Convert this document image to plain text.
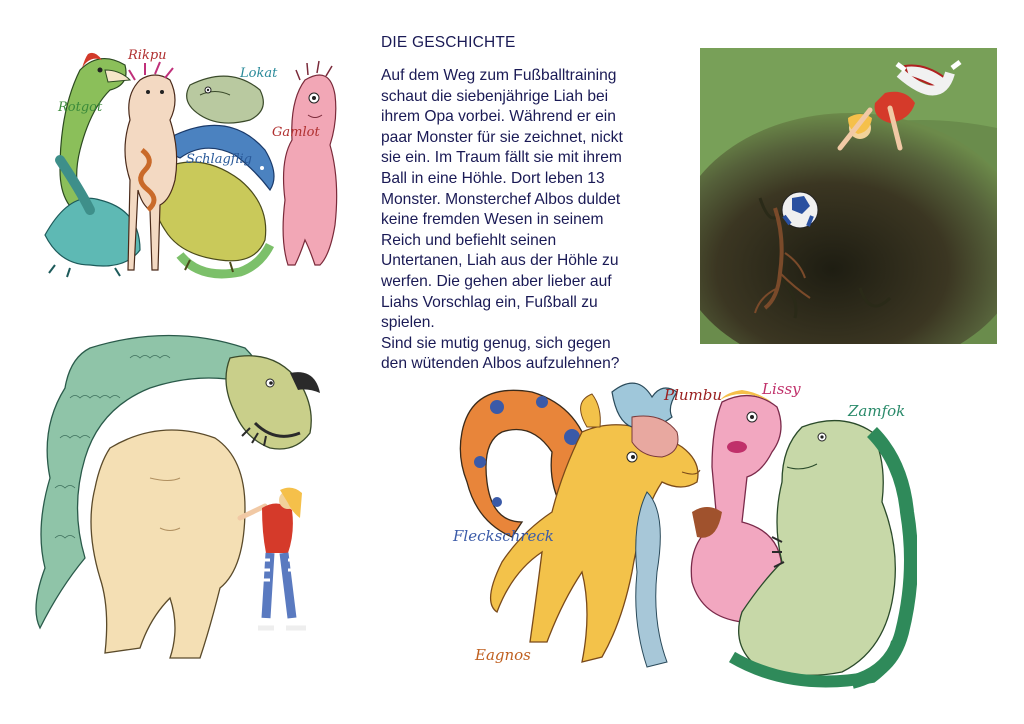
DIE GESCHICHTE
Auf dem Weg zum Fußballtraining
schaut die siebenjährige Liah bei
ihrem Opa vorbei. Während er ein
paar Monster für sie zeichnet, nickt
sie ein. Im Traum fällt sie mit ihrem
Ball in eine Höhle. Dort leben 13
Monster. Monsterchef Albos duldet
keine fremden Wesen in seinem
Reich und befiehlt seinen
Untertanen, Liah aus der Höhle zu
werfen. Die gehen aber lieber auf
Liahs Vorschlag ein, Fußball zu
spielen.
Sind sie mutig genug, sich gegen
den wütenden Albos aufzulehnen?
Rikpu
Lokat
Rotgot
Gamlot
Schlagflig
Plumbu	Lissy
Zamfok
Fleckschreck
Eagnos
